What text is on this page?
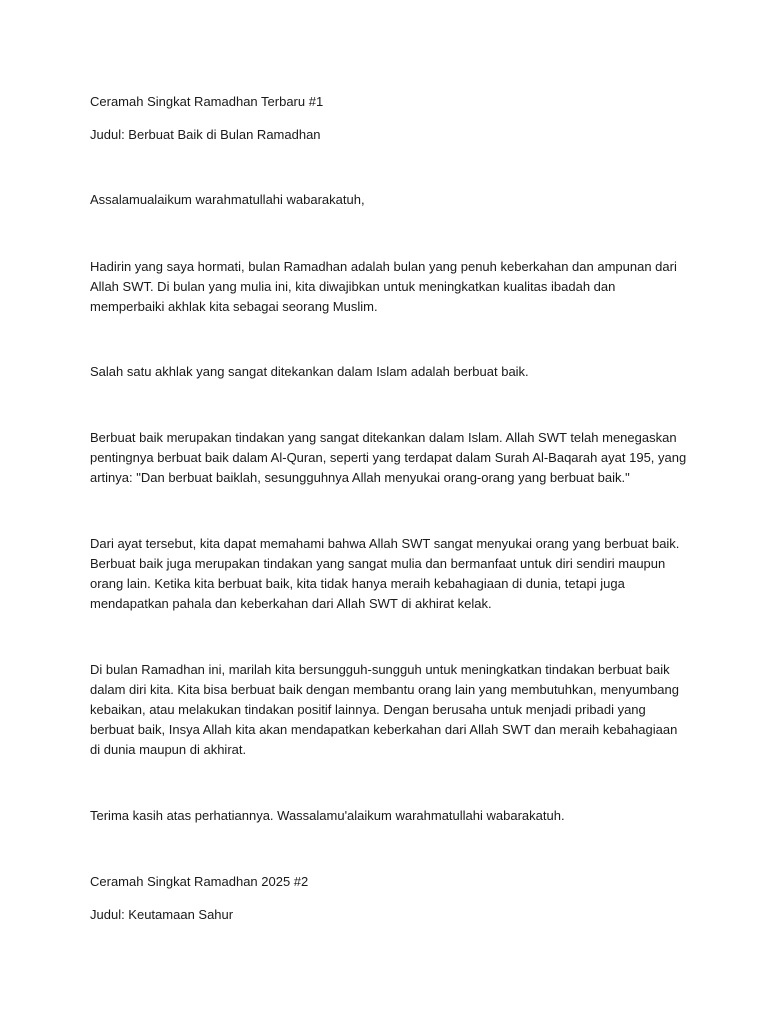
Ceramah Singkat Ramadhan Terbaru #1

Judul: Berbuat Baik di Bulan Ramadhan

Assalamualaikum warahmatullahi wabarakatuh,

Hadirin yang saya hormati, bulan Ramadhan adalah bulan yang penuh keberkahan dan ampunan dari Allah SWT. Di bulan yang mulia ini, kita diwajibkan untuk meningkatkan kualitas ibadah dan memperbaiki akhlak kita sebagai seorang Muslim.

Salah satu akhlak yang sangat ditekankan dalam Islam adalah berbuat baik.

Berbuat baik merupakan tindakan yang sangat ditekankan dalam Islam. Allah SWT telah menegaskan pentingnya berbuat baik dalam Al-Quran, seperti yang terdapat dalam Surah Al-Baqarah ayat 195, yang artinya: "Dan berbuat baiklah, sesungguhnya Allah menyukai orang-orang yang berbuat baik."

Dari ayat tersebut, kita dapat memahami bahwa Allah SWT sangat menyukai orang yang berbuat baik. Berbuat baik juga merupakan tindakan yang sangat mulia dan bermanfaat untuk diri sendiri maupun orang lain. Ketika kita berbuat baik, kita tidak hanya meraih kebahagiaan di dunia, tetapi juga mendapatkan pahala dan keberkahan dari Allah SWT di akhirat kelak.

Di bulan Ramadhan ini, marilah kita bersungguh-sungguh untuk meningkatkan tindakan berbuat baik dalam diri kita. Kita bisa berbuat baik dengan membantu orang lain yang membutuhkan, menyumbang kebaikan, atau melakukan tindakan positif lainnya. Dengan berusaha untuk menjadi pribadi yang berbuat baik, Insya Allah kita akan mendapatkan keberkahan dari Allah SWT dan meraih kebahagiaan di dunia maupun di akhirat.

Terima kasih atas perhatiannya. Wassalamu'alaikum warahmatullahi wabarakatuh.

Ceramah Singkat Ramadhan 2025 #2

Judul: Keutamaan Sahur
